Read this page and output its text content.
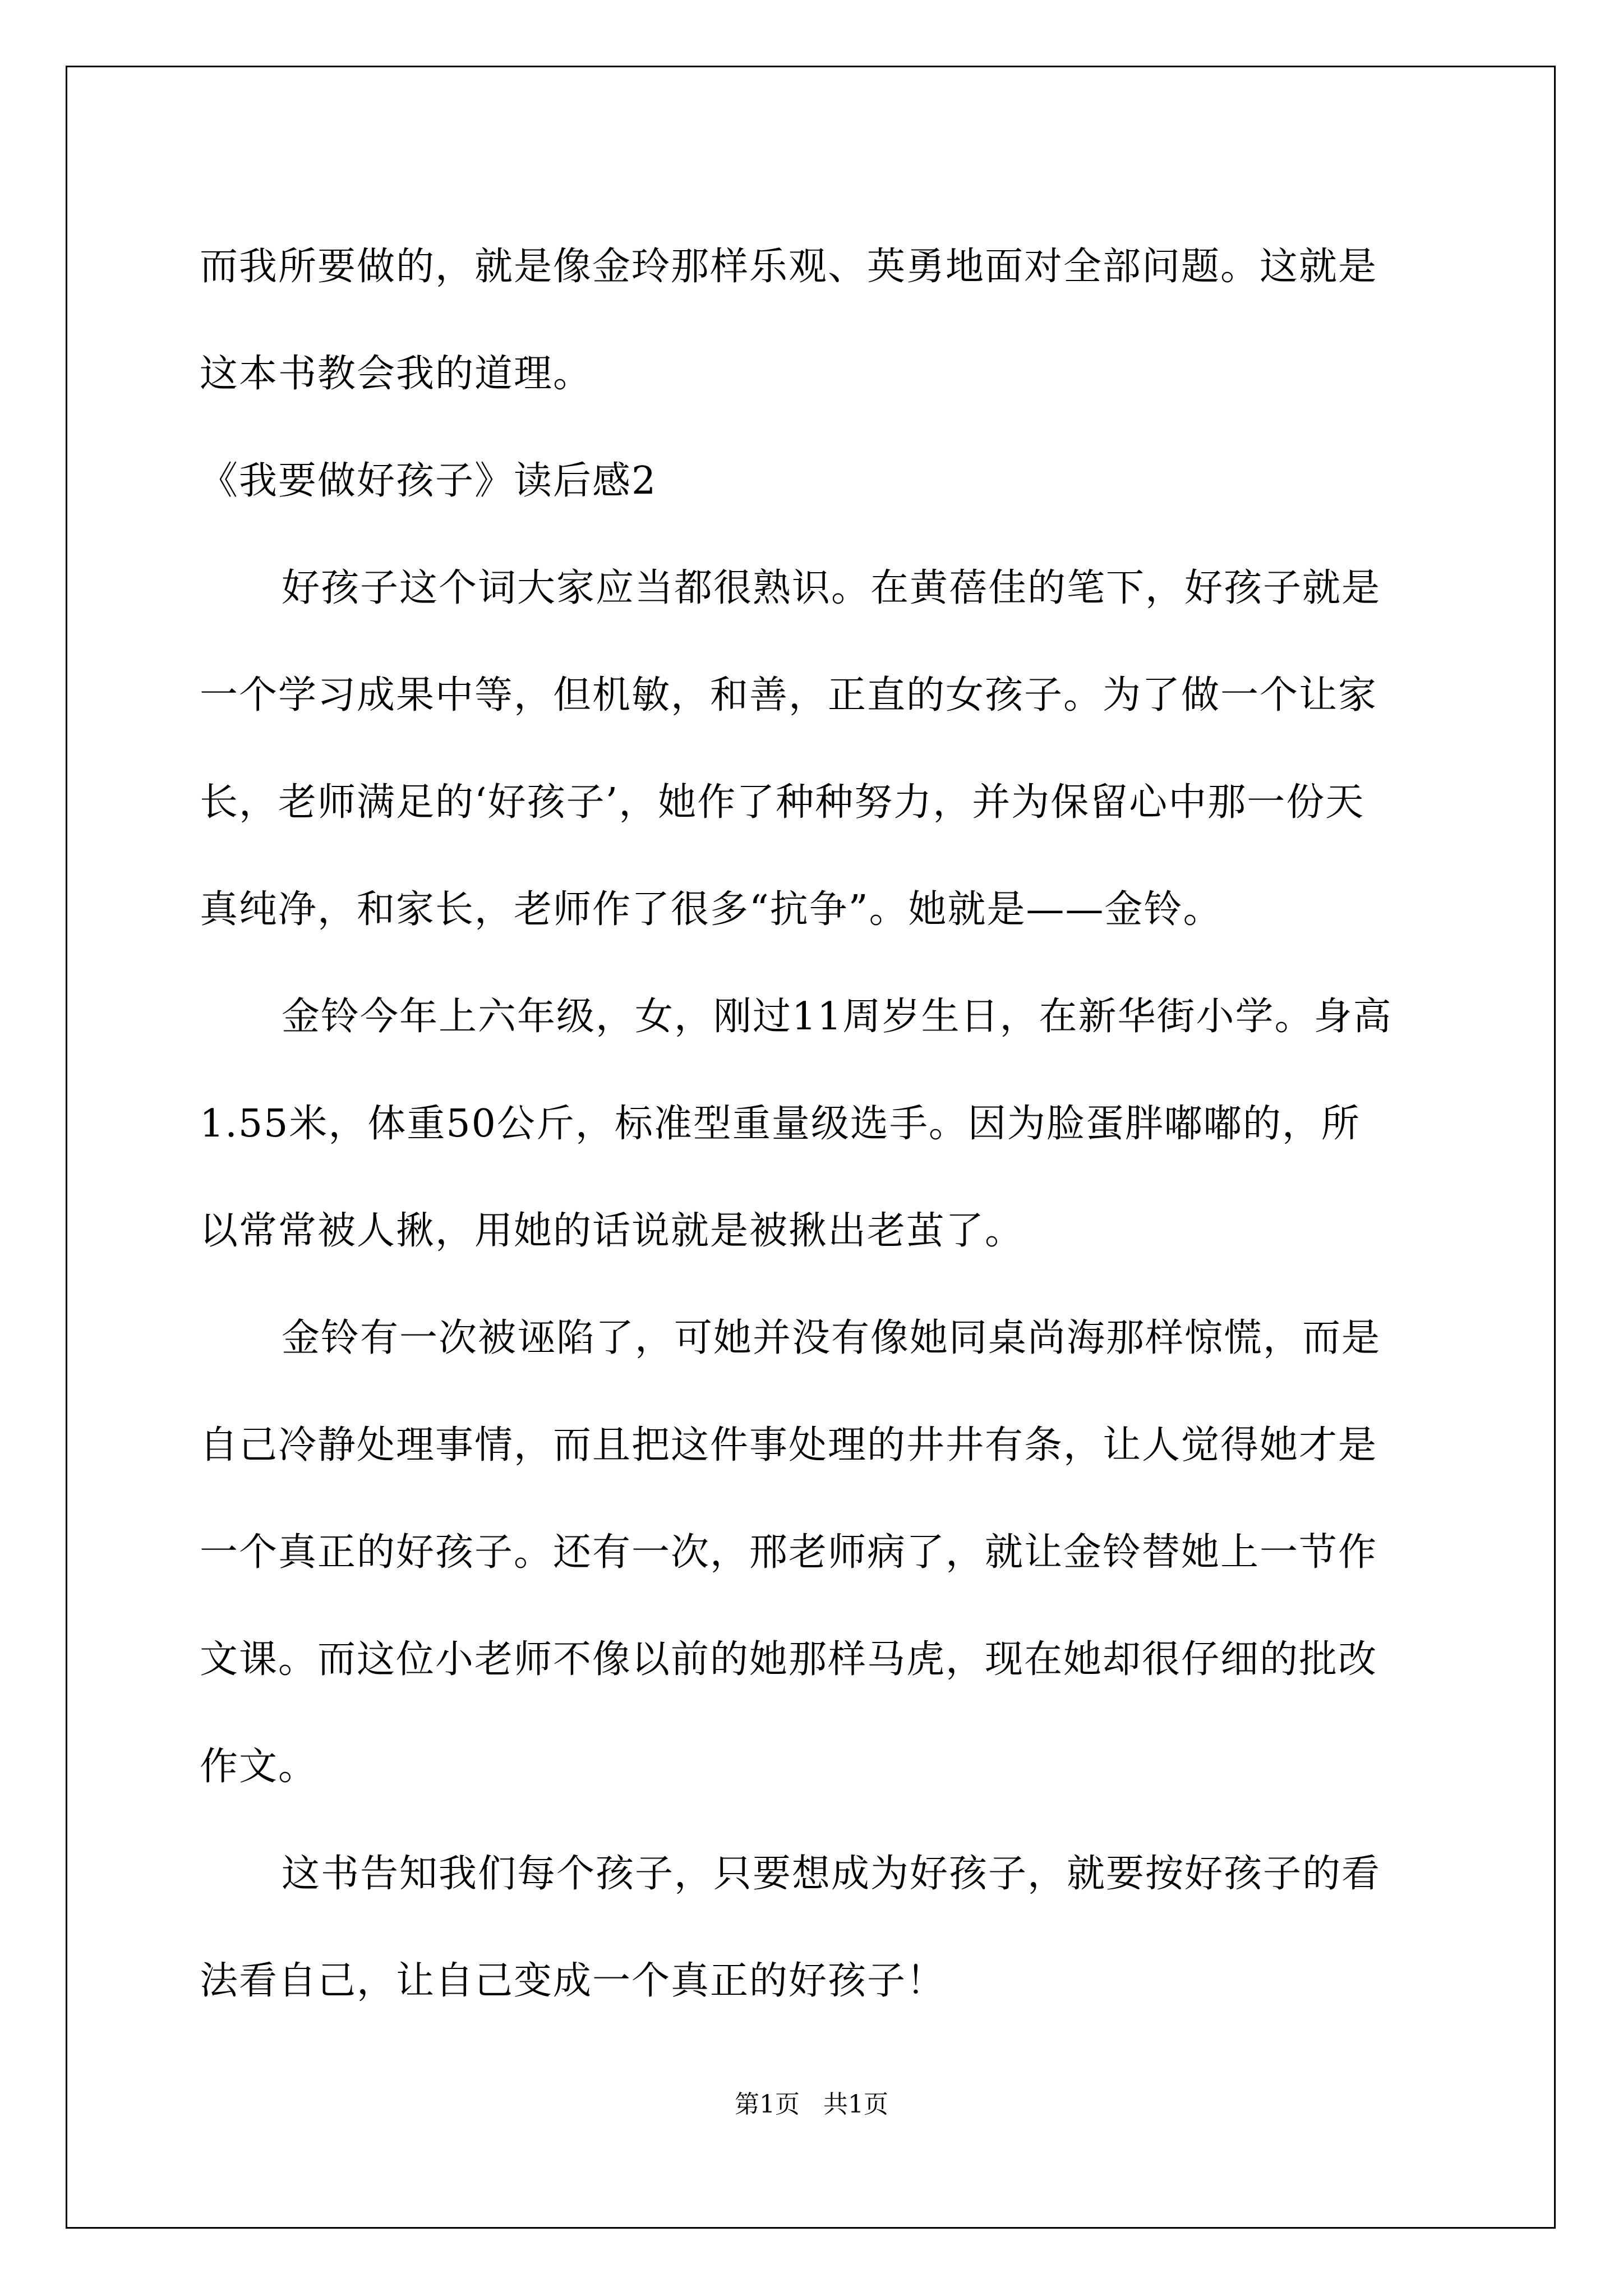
而我所要做的，就是像金玲那样乐观、英勇地面对全部问题。这就是
这本书教会我的道理。
《我要做好孩子》读后感2
好孩子这个词大家应当都很熟识。在黄蓓佳的笔下，好孩子就是
一个学习成果中等，但机敏，和善，正直的女孩子。为了做一个让家
长，老师满足的‘好孩子’，她作了种种努力，并为保留心中那一份天
真纯净，和家长，老师作了很多“抗争”。她就是——金铃。
金铃今年上六年级，女，刚过11周岁生日，在新华街小学。身高
1.55米，体重50公斤，标准型重量级选手。因为脸蛋胖嘟嘟的，所
以常常被人揪，用她的话说就是被揪出老茧了。
金铃有一次被诬陷了，可她并没有像她同桌尚海那样惊慌，而是
自己冷静处理事情，而且把这件事处理的井井有条，让人觉得她才是
一个真正的好孩子。还有一次，邢老师病了，就让金铃替她上一节作
文课。而这位小老师不像以前的她那样马虎，现在她却很仔细的批改
作文。
这书告知我们每个孩子，只要想成为好孩子，就要按好孩子的看
法看自己，让自己变成一个真正的好孩子！
第1页   共1页
